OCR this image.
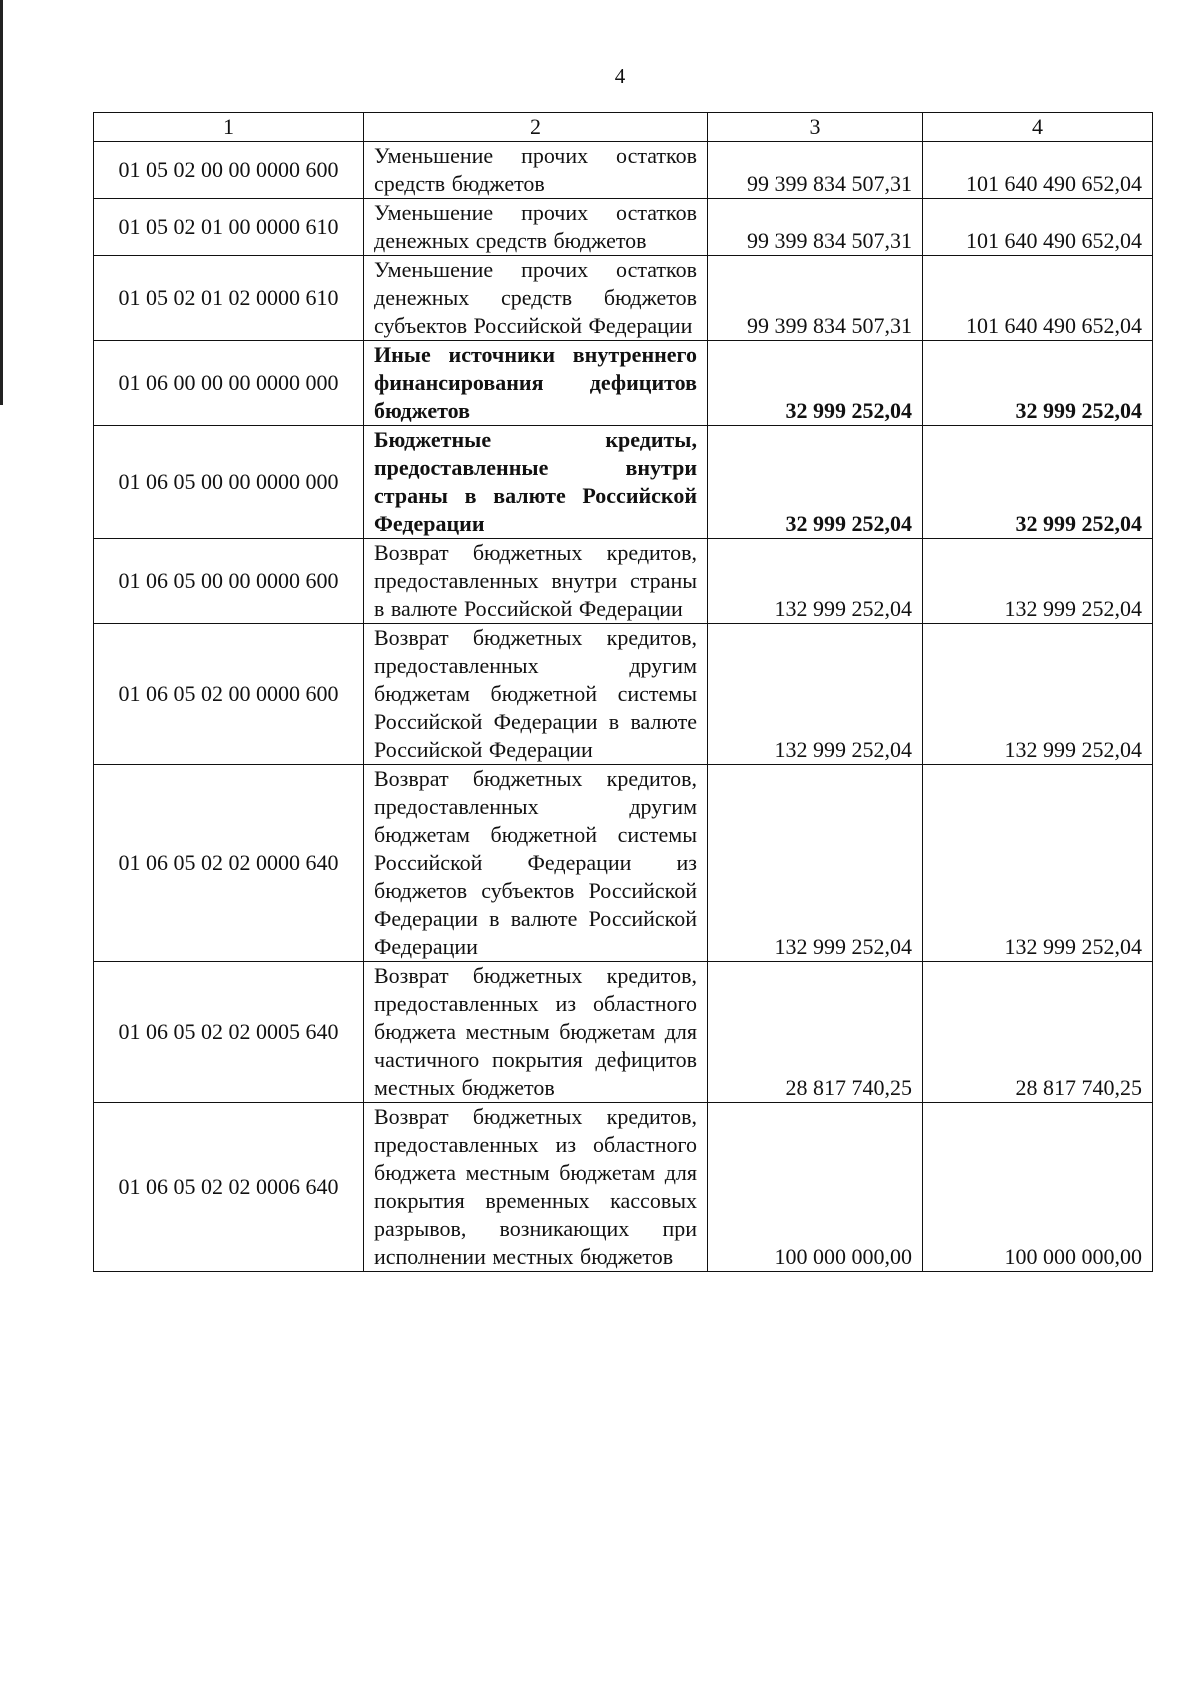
4
1	2	3	4
01 05 02 00 00 0000 600	Уменьшение прочих остатков средств бюджетов	99 399 834 507,31	101 640 490 652,04
01 05 02 01 00 0000 610	Уменьшение прочих остатков денежных средств бюджетов	99 399 834 507,31	101 640 490 652,04
01 05 02 01 02 0000 610	Уменьшение прочих остатков денежных средств бюджетов субъектов Российской Федерации	99 399 834 507,31	101 640 490 652,04
01 06 00 00 00 0000 000	Иные источники внутреннего финансирования дефицитов бюджетов	32 999 252,04	32 999 252,04
01 06 05 00 00 0000 000	Бюджетные кредиты, предоставленные внутри страны в валюте Российской Федерации	32 999 252,04	32 999 252,04
01 06 05 00 00 0000 600	Возврат бюджетных кредитов, предоставленных внутри страны в валюте Российской Федерации	132 999 252,04	132 999 252,04
01 06 05 02 00 0000 600	Возврат бюджетных кредитов, предоставленных другим бюджетам бюджетной системы Российской Федерации в валюте Российской Федерации	132 999 252,04	132 999 252,04
01 06 05 02 02 0000 640	Возврат бюджетных кредитов, предоставленных другим бюджетам бюджетной системы Российской Федерации из бюджетов субъектов Российской Федерации в валюте Российской Федерации	132 999 252,04	132 999 252,04
01 06 05 02 02 0005 640	Возврат бюджетных кредитов, предоставленных из областного бюджета местным бюджетам для частичного покрытия дефицитов местных бюджетов	28 817 740,25	28 817 740,25
01 06 05 02 02 0006 640	Возврат бюджетных кредитов, предоставленных из областного бюджета местным бюджетам для покрытия временных кассовых разрывов, возникающих при исполнении местных бюджетов	100 000 000,00	100 000 000,00
